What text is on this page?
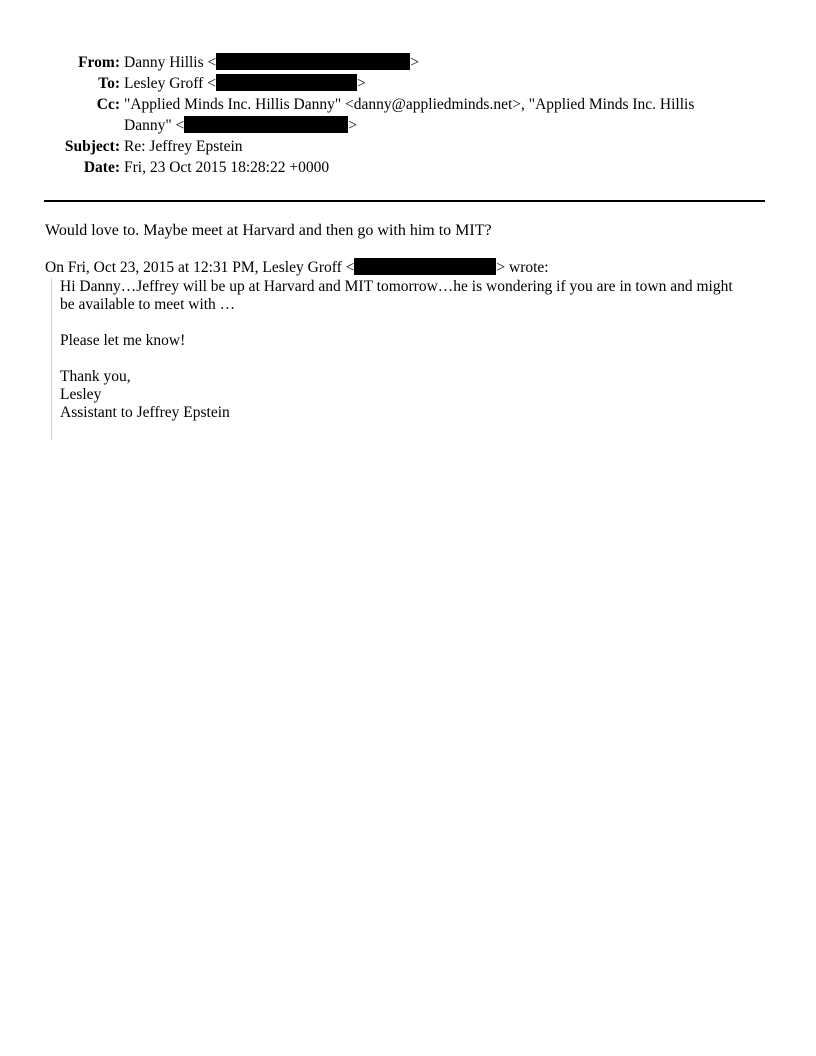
From: Danny Hillis <	>
To: Lesley Groff <	>
Cc: "Applied Minds Inc. Hillis Danny" <danny@appliedminds.net>, "Applied Minds Inc. Hillis
Danny" <	>
Subject: Re: Jeffrey Epstein
Date: Fri, 23 Oct 2015 18:28:22 +0000
Would love to. Maybe meet at Harvard and then go with him to MIT?
On Fri, Oct 23, 2015 at 12:31 PM, Lesley Groff <	> wrote:

Hi Danny…Jeffrey will be up at Harvard and MIT tomorrow…he is wondering if you are in town and might

be available to meet with …

Please let me know!

Thank you,

Lesley

Assistant to Jeffrey Epstein
